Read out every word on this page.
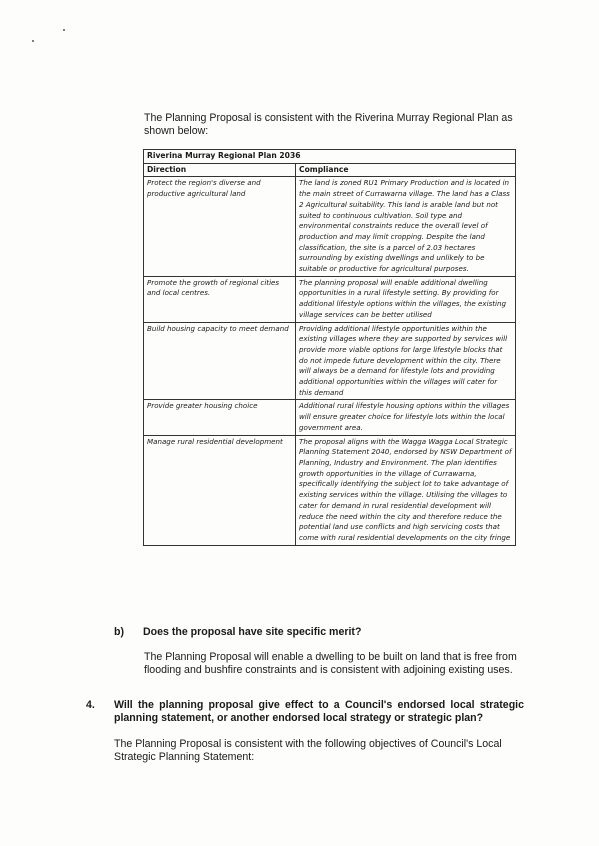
The Planning Proposal is consistent with the Riverina Murray Regional Plan as shown below:

Riverina Murray Regional Plan 2036	
Direction	Compliance
Protect the region's diverse and productive agricultural land	The land is zoned RU1 Primary Production and is located in the main street of Currawarna village. The land has a Class 2 Agricultural suitability. This land is arable land but not suited to continuous cultivation. Soil type and environmental constraints reduce the overall level of production and may limit cropping. Despite the land classification, the site is a parcel of 2.03 hectares surrounding by existing dwellings and unlikely to be suitable or productive for agricultural purposes.
Promote the growth of regional cities and local centres.	The planning proposal will enable additional dwelling opportunities in a rural lifestyle setting. By providing for additional lifestyle options within the villages, the existing village services can be better utilised
Build housing capacity to meet demand	Providing additional lifestyle opportunities within the existing villages where they are supported by services will provide more viable options for large lifestyle blocks that do not impede future development within the city. There will always be a demand for lifestyle lots and providing additional opportunities within the villages will cater for this demand
Provide greater housing choice	Additional rural lifestyle housing options within the villages will ensure greater choice for lifestyle lots within the local government area.
Manage rural residential development	The proposal aligns with the Wagga Wagga Local Strategic Planning Statement 2040, endorsed by NSW Department of Planning, Industry and Environment. The plan identifies growth opportunities in the village of Currawarna, specifically identifying the subject lot to take advantage of existing services within the village. Utilising the villages to cater for demand in rural residential development will reduce the need within the city and therefore reduce the potential land use conflicts and high servicing costs that come with rural residential developments on the city fringe
b) Does the proposal have site specific merit?

The Planning Proposal will enable a dwelling to be built on land that is free from flooding and bushfire constraints and is consistent with adjoining existing uses.

4. Will the planning proposal give effect to a Council's endorsed local strategic planning statement, or another endorsed local strategy or strategic plan?

The Planning Proposal is consistent with the following objectives of Council's Local Strategic Planning Statement:
